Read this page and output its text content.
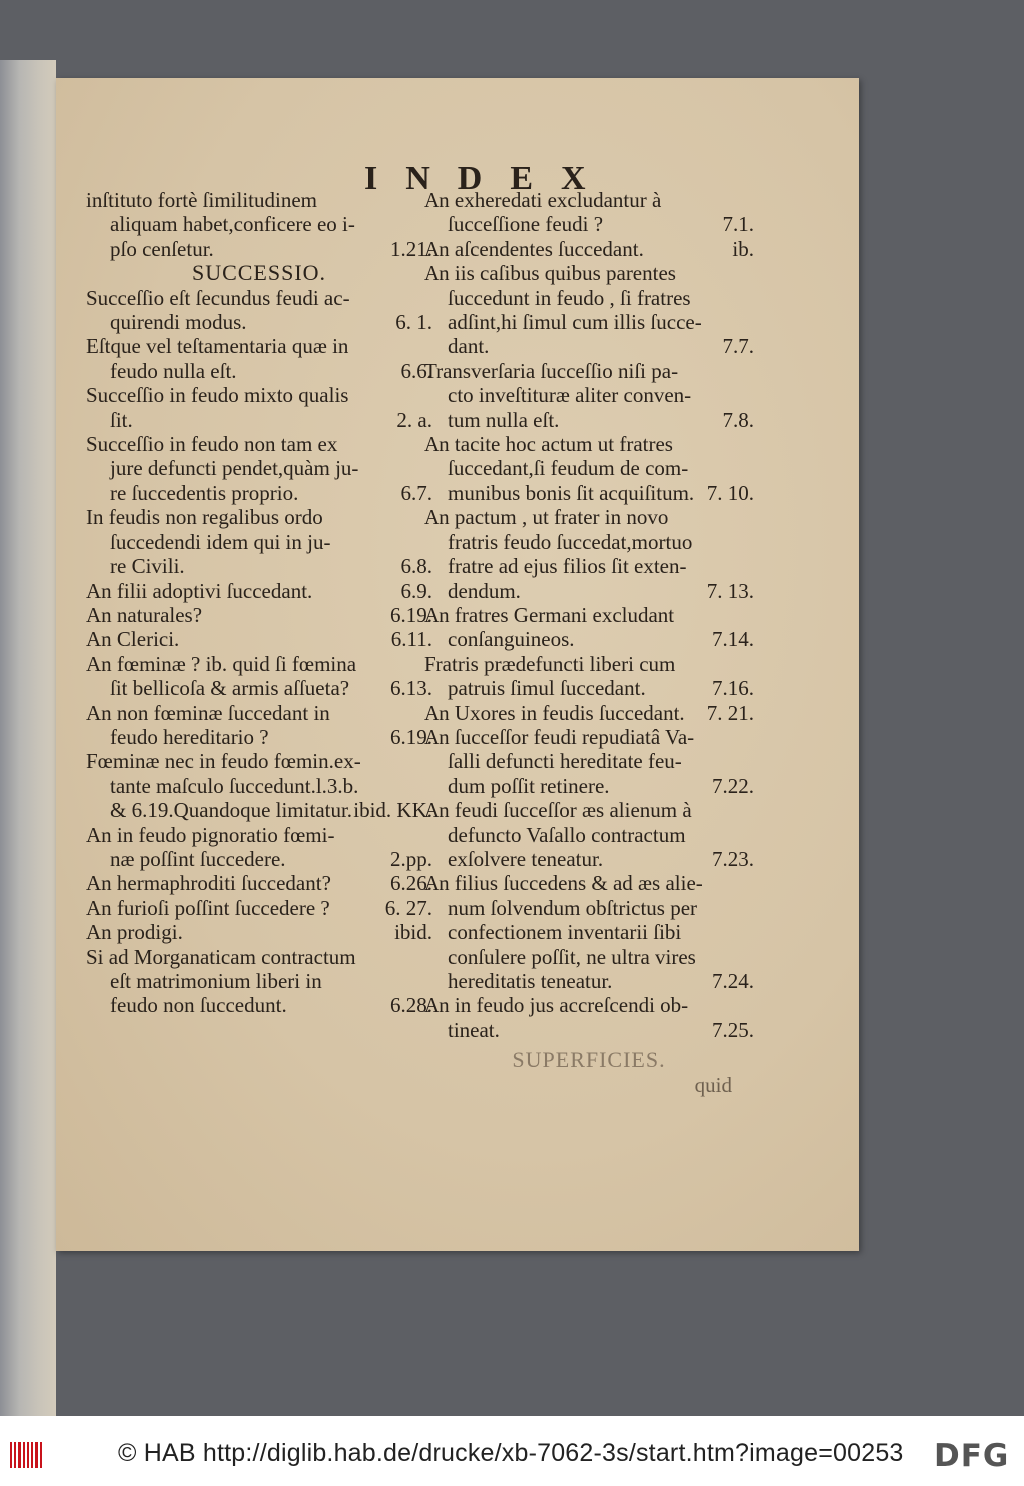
INDEX
inſtituto fortè ſimilitudinem
aliquam habet,conficere eo i-
1.21.
pſo cenſetur.
SUCCESSIO.
Succeſſio eſt ſecundus feudi ac-
6. 1.
quirendi modus.
Eſtque vel teſtamentaria quæ in
6.6.
feudo nulla eſt.
Succeſſio in feudo mixto qualis
2. a.
ſit.
Succeſſio in feudo non tam ex
jure defuncti pendet,quàm ju-
6.7.
re ſuccedentis proprio.
In feudis non regalibus ordo
ſuccedendi idem qui in ju-
6.8.
re Civili.
6.9.
An filii adoptivi ſuccedant.
6.19.
An naturales?
6.11.
An Clerici.
An fœminæ ? ib. quid ſi fœmina
6.13.
ſit bellicoſa & armis aſſueta?
An non fœminæ ſuccedant in
6.19.
feudo hereditario ?
Fœminæ nec in feudo fœmin.ex-
tante maſculo ſuccedunt.l.3.b.
ibid. KK.
& 6.19.Quandoque limitatur.
An in feudo pignoratio fœmi-
2.pp.
næ poſſint ſuccedere.
6.26.
An hermaphroditi ſuccedant?
6. 27.
An furioſi poſſint ſuccedere ?
ibid.
An prodigi.
Si ad Morganaticam contractum
eſt matrimonium liberi in
6.28.
feudo non ſuccedunt.
An exheredati excludantur à
7.1.
ſucceſſione feudi ?
ib.
An aſcendentes ſuccedant.
An iis caſibus quibus parentes
ſuccedunt in feudo , ſi fratres
adſint,hi ſimul cum illis ſucce-
7.7.
dant.
Transverſaria ſucceſſio niſi pa-
cto inveſtituræ aliter conven-
7.8.
tum nulla eſt.
An tacite hoc actum ut fratres
ſuccedant,ſi feudum de com-
7. 10.
munibus bonis ſit acquiſitum.
An pactum , ut frater in novo
fratris feudo ſuccedat,mortuo
fratre ad ejus filios ſit exten-
7. 13.
dendum.
An fratres Germani excludant
7.14.
conſanguineos.
Fratris prædefuncti liberi cum
7.16.
patruis ſimul ſuccedant.
7. 21.
An Uxores in feudis ſuccedant.
An ſucceſſor feudi repudiatâ Va-
ſalli defuncti hereditate feu-
7.22.
dum poſſit retinere.
An feudi ſucceſſor æs alienum à
defuncto Vaſallo contractum
7.23.
exſolvere teneatur.
An filius ſuccedens & ad æs alie-
num ſolvendum obſtrictus per
confectionem inventarii ſibi
conſulere poſſit, ne ultra vires
7.24.
hereditatis teneatur.
An in feudo jus accreſcendi ob-
7.25.
tineat.
SUPERFICIES.
quid
© HAB http://diglib.hab.de/drucke/xb-7062-3s/start.htm?image=00253 DFG
